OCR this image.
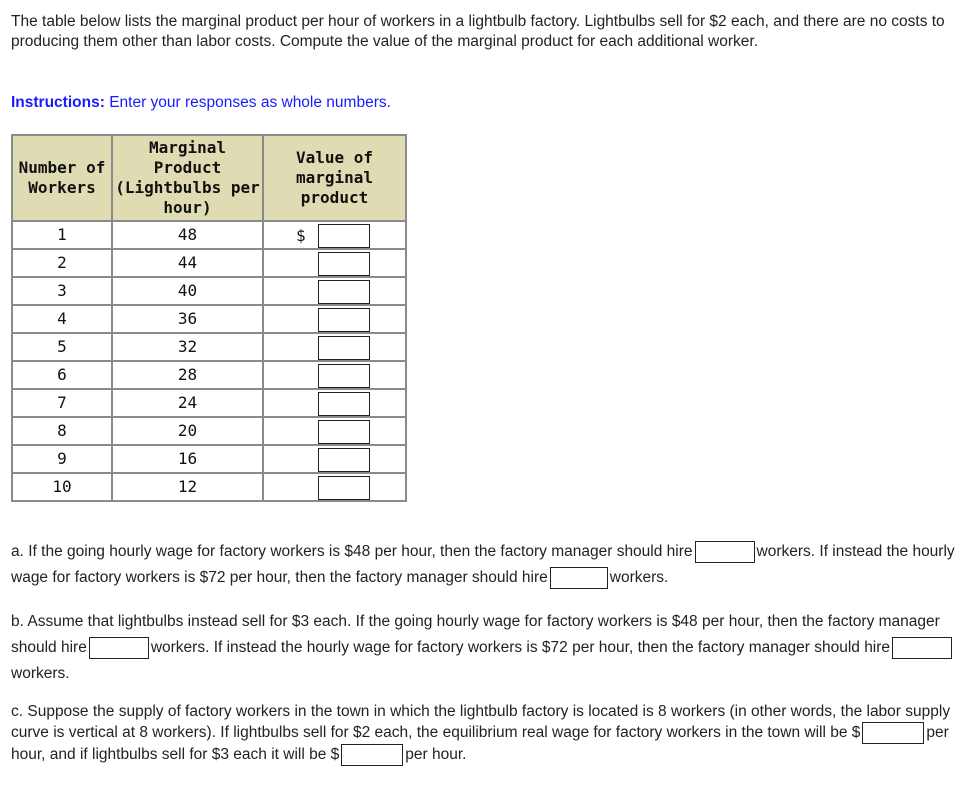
The table below lists the marginal product per hour of workers in a lightbulb factory. Lightbulbs sell for $2 each, and there are no costs to producing them other than labor costs. Compute the value of the marginal product for each additional worker.
Instructions: Enter your responses as whole numbers.
Number of Workers	Marginal Product (Lightbulbs per hour)	Value of marginal product
1	48	$

2	44	

3	40	

4	36	

5	32	

6	28	

7	24	

8	20	

9	16	

10	12	
a. If the going hourly wage for factory workers is $48 per hour, then the factory manager should hire	workers. If instead the hourly wage for factory workers is $72 per hour, then the factory manager should hire	workers.
b. Assume that lightbulbs instead sell for $3 each. If the going hourly wage for factory workers is $48 per hour, then the factory manager should hire	workers. If instead the hourly wage for factory workers is $72 per hour, then the factory manager should hireworkers.
c. Suppose the supply of factory workers in the town in which the lightbulb factory is located is 8 workers (in other words, the labor supply curve is vertical at 8 workers). If lightbulbs sell for $2 each, the equilibrium real wage for factory workers in the town will be $	per hour, and if lightbulbs sell for $3 each it will be $	per hour.
